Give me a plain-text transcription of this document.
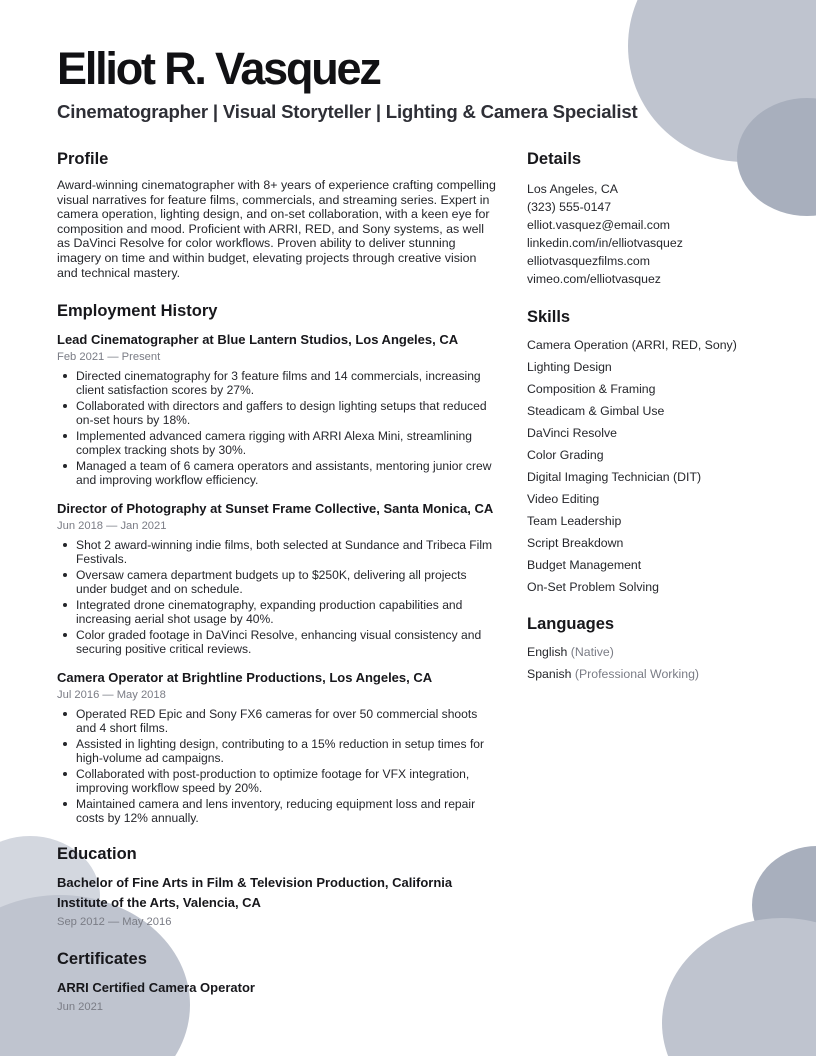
Elliot R. Vasquez
Cinematographer | Visual Storyteller | Lighting & Camera Specialist
Profile

Award-winning cinematographer with 8+ years of experience crafting compelling visual narratives for feature films, commercials, and streaming series. Expert in camera operation, lighting design, and on-set collaboration, with a keen eye for composition and mood. Proficient with ARRI, RED, and Sony systems, as well as DaVinci Resolve for color workflows. Proven ability to deliver stunning imagery on time and within budget, elevating projects through creative vision and technical mastery.

Employment History
Lead Cinematographer at Blue Lantern Studios, Los Angeles, CA
Feb 2021 — Present
Directed cinematography for 3 feature films and 14 commercials, increasing client satisfaction scores by 27%.
Collaborated with directors and gaffers to design lighting setups that reduced on-set hours by 18%.
Implemented advanced camera rigging with ARRI Alexa Mini, streamlining complex tracking shots by 30%.
Managed a team of 6 camera operators and assistants, mentoring junior crew and improving workflow efficiency.
Director of Photography at Sunset Frame Collective, Santa Monica, CA
Jun 2018 — Jan 2021
Shot 2 award-winning indie films, both selected at Sundance and Tribeca Film Festivals.
Oversaw camera department budgets up to $250K, delivering all projects under budget and on schedule.
Integrated drone cinematography, expanding production capabilities and increasing aerial shot usage by 40%.
Color graded footage in DaVinci Resolve, enhancing visual consistency and securing positive critical reviews.
Camera Operator at Brightline Productions, Los Angeles, CA
Jul 2016 — May 2018
Operated RED Epic and Sony FX6 cameras for over 50 commercial shoots and 4 short films.
Assisted in lighting design, contributing to a 15% reduction in setup times for high-volume ad campaigns.
Collaborated with post-production to optimize footage for VFX integration, improving workflow speed by 20%.
Maintained camera and lens inventory, reducing equipment loss and repair costs by 12% annually.
Education
Bachelor of Fine Arts in Film & Television Production, California Institute of the Arts, Valencia, CA
Sep 2012 — May 2016
Certificates
ARRI Certified Camera Operator
Jun 2021
Details
Los Angeles, CA
(323) 555-0147
elliot.vasquez@email.com
linkedin.com/in/elliotvasquez
elliotvasquezfilms.com
vimeo.com/elliotvasquez
Skills
Camera Operation (ARRI, RED, Sony)
Lighting Design
Composition & Framing
Steadicam & Gimbal Use
DaVinci Resolve
Color Grading
Digital Imaging Technician (DIT)
Video Editing
Team Leadership
Script Breakdown
Budget Management
On-Set Problem Solving
Languages
English (Native)
Spanish (Professional Working)
